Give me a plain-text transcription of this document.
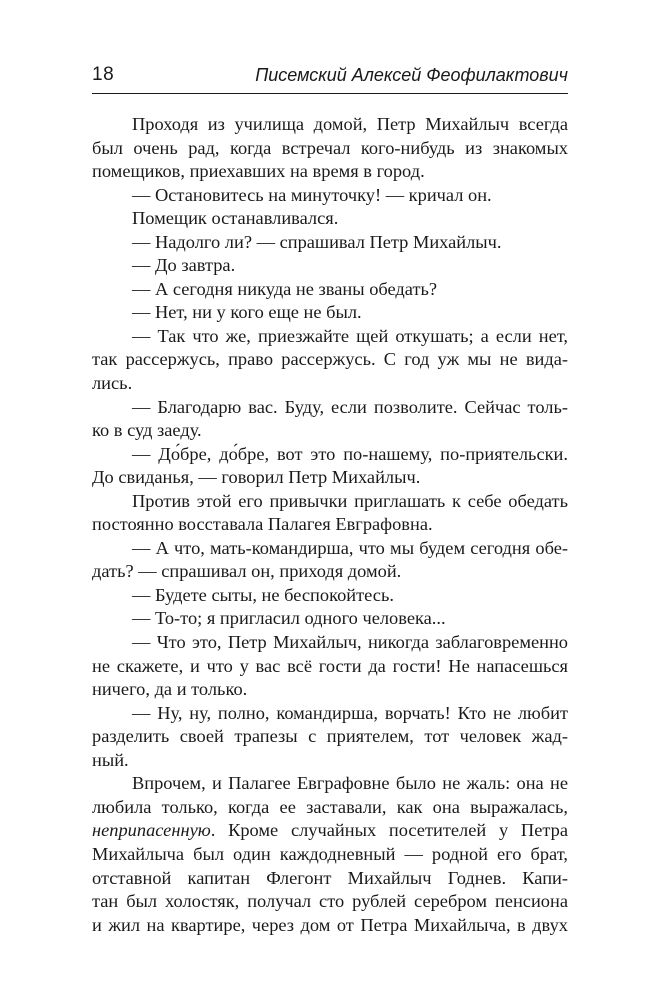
18	Писемский Алексей Феофилактович
Проходя из училища домой, Петр Михайлыч всегда
был очень рад, когда встречал кого-нибудь из знакомых
помещиков, приехавших на время в город.
— Остановитесь на минуточку! — кричал он.
Помещик останавливался.
— Надолго ли? — спрашивал Петр Михайлыч.
— До завтра.
— А сегодня никуда не званы обедать?
— Нет, ни у кого еще не был.
— Так что же, приезжайте щей откушать; а если нет,
так рассержусь, право рассержусь. С год уж мы не вида-
лись.
— Благодарю вас. Буду, если позволите. Сейчас толь-
ко в суд заеду.
— До́бре, до́бре, вот это по-нашему, по-приятельски.
До свиданья, — говорил Петр Михайлыч.
Против этой его привычки приглашать к себе обедать
постоянно восставала Палагея Евграфовна.
— А что, мать-командирша, что мы будем сегодня обе-
дать? — спрашивал он, приходя домой.
— Будете сыты, не беспокойтесь.
— То-то; я пригласил одного человека...
— Что это, Петр Михайлыч, никогда заблаговременно
не скажете, и что у вас всё гости да гости! Не напасешься
ничего, да и только.
— Ну, ну, полно, командирша, ворчать! Кто не любит
разделить своей трапезы с приятелем, тот человек жад-
ный.
Впрочем, и Палагее Евграфовне было не жаль: она не
любила только, когда ее заставали, как она выражалась,
неприпасенную. Кроме случайных посетителей у Петра
Михайлыча был один каждодневный — родной его брат,
отставной капитан Флегонт Михайлыч Годнев. Капи-
тан был холостяк, получал сто рублей серебром пенсиона
и жил на квартире, через дом от Петра Михайлыча, в двух
